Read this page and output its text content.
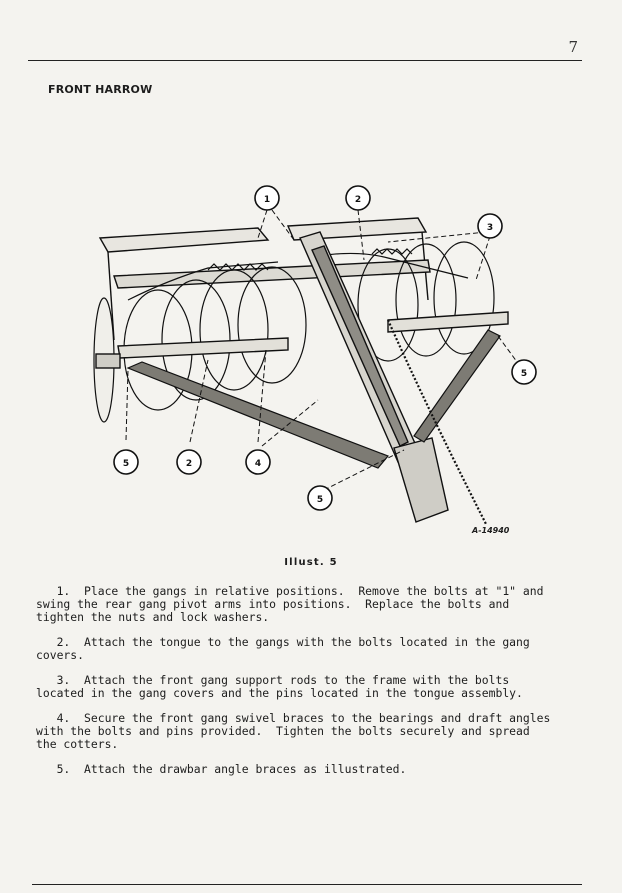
7
FRONT HARROW
1	2
3
5
5	2	4
5
A-14940
Illust. 5
1.  Place the gangs in relative positions.  Remove the bolts at "1" and
swing the rear gang pivot arms into positions.  Replace the bolts and
tighten the nuts and lock washers.
2.  Attach the tongue to the gangs with the bolts located in the gang
covers.
3.  Attach the front gang support rods to the frame with the bolts
located in the gang covers and the pins located in the tongue assembly.
4.  Secure the front gang swivel braces to the bearings and draft angles
with the bolts and pins provided.  Tighten the bolts securely and spread
the cotters.
5.  Attach the drawbar angle braces as illustrated.
